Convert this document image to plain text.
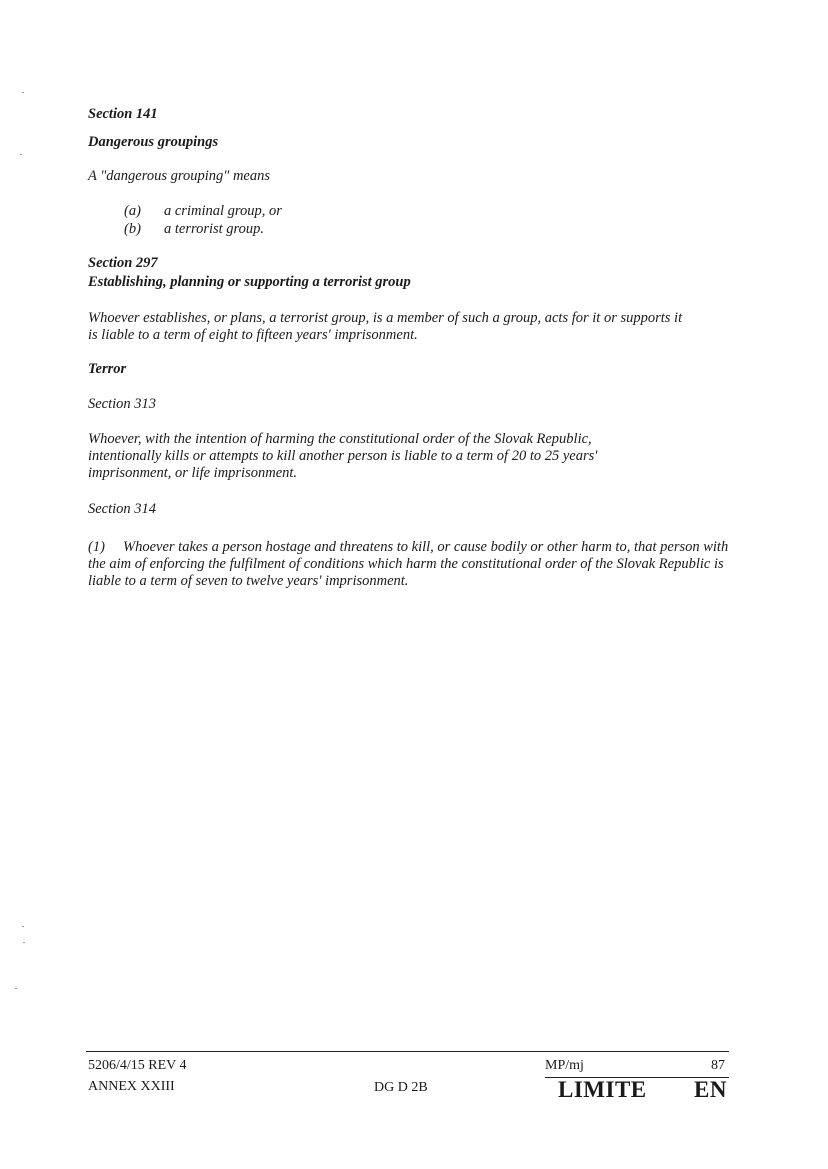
Section 141
Dangerous groupings
A "dangerous grouping" means
(a) a criminal group, or
(b) a terrorist group.
Section 297
Establishing, planning or supporting a terrorist group
Whoever establishes, or plans, a terrorist group, is a member of such a group, acts for it or supports it is liable to a term of eight to fifteen years' imprisonment.
Terror
Section 313
Whoever, with the intention of harming the constitutional order of the Slovak Republic, intentionally kills or attempts to kill another person is liable to a term of 20 to 25 years' imprisonment, or life imprisonment.
Section 314
(1)     Whoever takes a person hostage and threatens to kill, or cause bodily or other harm to, that person with the aim of enforcing the fulfilment of conditions which harm the constitutional order of the Slovak Republic is liable to a term of seven to twelve years' imprisonment.
5206/4/15 REV 4	MP/mj	87
ANNEX XXIII	DG D 2B	LIMITE EN
